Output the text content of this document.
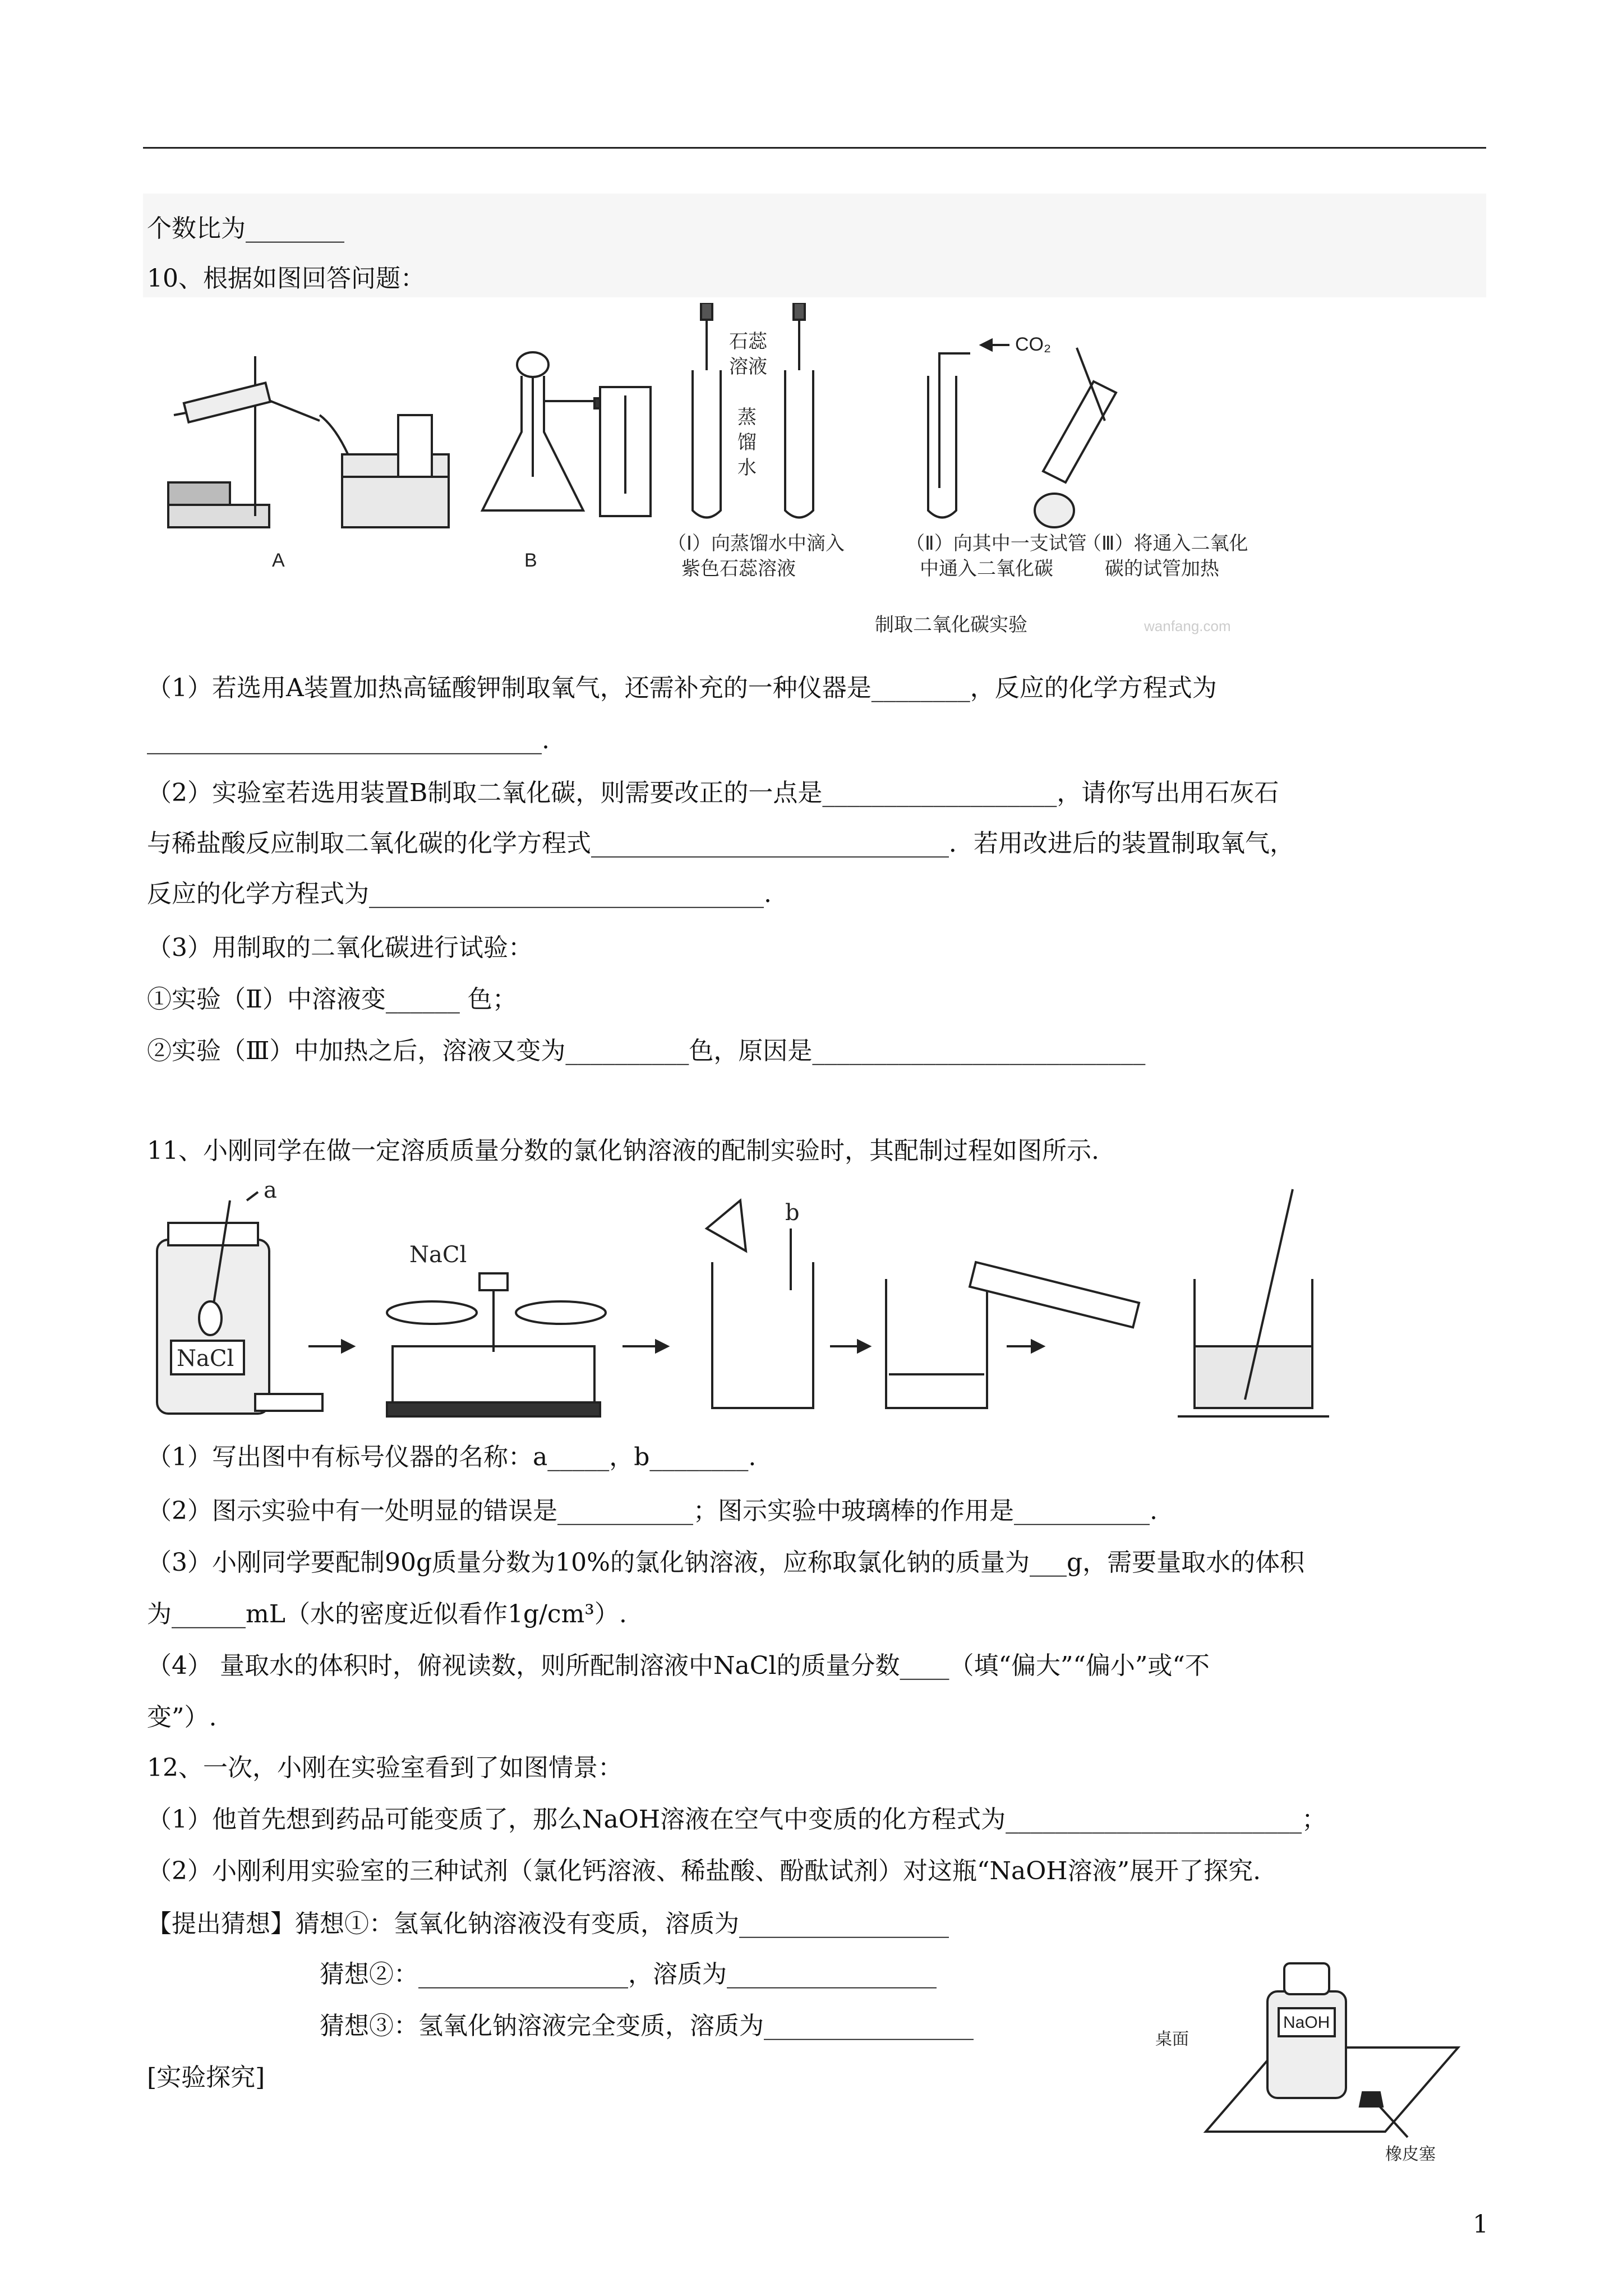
个数比为________
10、根据如图回答问题：
A	B
石蕊
溶液
蒸
馏
水
CO₂
（Ⅰ）向蒸馏水中滴入
紫色石蕊溶液
（Ⅱ）向其中一支试管
中通入二氧化碳
（Ⅲ）将通入二氧化
碳的试管加热
制取二氧化碳实验	wanfang.com
（1）若选用A装置加热高锰酸钾制取氧气，还需补充的一种仪器是________，反应的化学方程式为
________________________________.
（2）实验室若选用装置B制取二氧化碳，则需要改正的一点是___________________，请你写出用石灰石
与稀盐酸反应制取二氧化碳的化学方程式_____________________________．若用改进后的装置制取氧气，
反应的化学方程式为________________________________.
（3）用制取的二氧化碳进行试验：
①实验（Ⅱ）中溶液变______ 色；
②实验（Ⅲ）中加热之后，溶液又变为__________色，原因是___________________________
11、小刚同学在做一定溶质质量分数的氯化钠溶液的配制实验时，其配制过程如图所示.
a
b
NaCl
NaCl
（1）写出图中有标号仪器的名称：a_____，b________.
（2）图示实验中有一处明显的错误是___________；图示实验中玻璃棒的作用是___________.
（3）小刚同学要配制90g质量分数为10%的氯化钠溶液，应称取氯化钠的质量为___g，需要量取水的体积
为______mL（水的密度近似看作1g/cm³）.
（4） 量取水的体积时，俯视读数，则所配制溶液中NaCl的质量分数____（填“偏大”“偏小”或“不
变”）.
12、一次，小刚在实验室看到了如图情景：
（1）他首先想到药品可能变质了，那么NaOH溶液在空气中变质的化方程式为________________________；
（2）小刚利用实验室的三种试剂（氯化钙溶液、稀盐酸、酚酞试剂）对这瓶“NaOH溶液”展开了探究.
【提出猜想】猜想①：氢氧化钠溶液没有变质，溶质为_________________
猜想②：_________________，溶质为_________________
猜想③：氢氧化钠溶液完全变质，溶质为_________________
[实验探究]
NaOH
桌面
橡皮塞
1
